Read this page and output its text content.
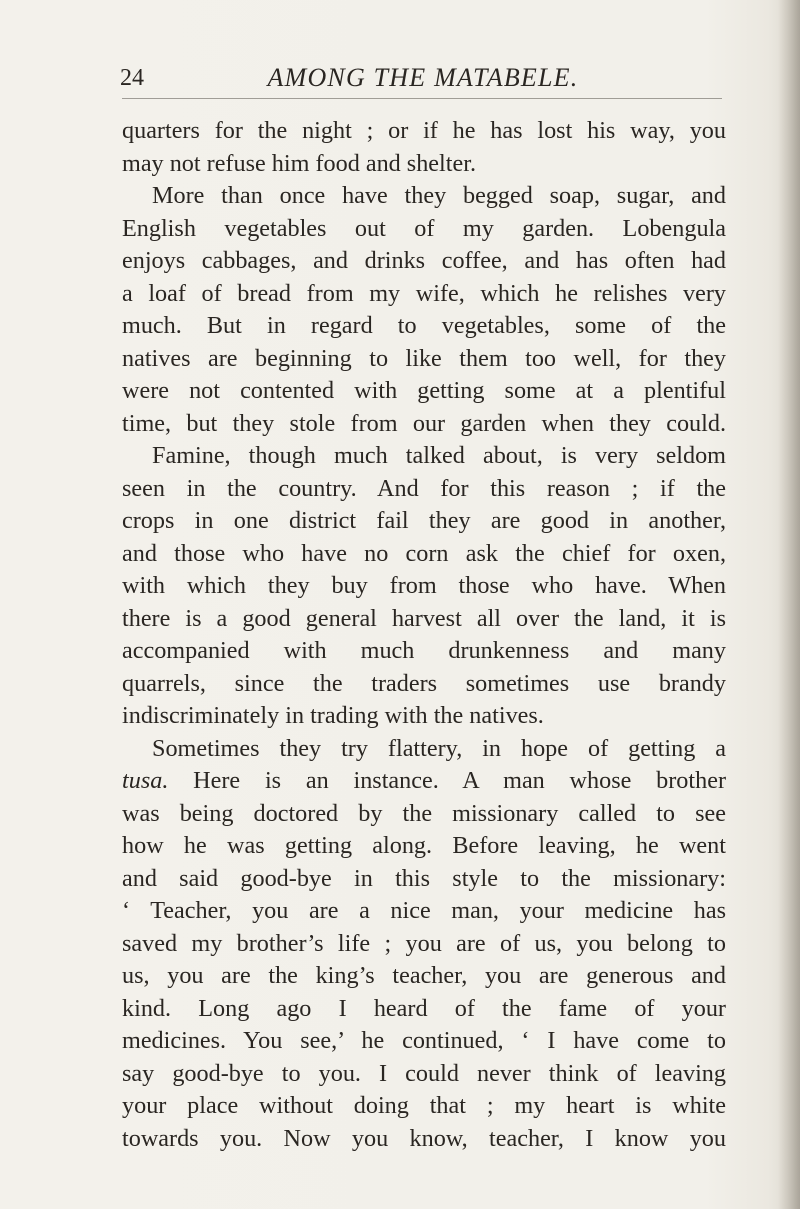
24	AMONG THE MATABELE.
quarters for the night ; or if he has lost his way, you
may not refuse him food and shelter.
More than once have they begged soap, sugar, and
English vegetables out of my garden. Lobengula
enjoys cabbages, and drinks coffee, and has often had
a loaf of bread from my wife, which he relishes very
much. But in regard to vegetables, some of the
natives are beginning to like them too well, for they
were not contented with getting some at a plentiful
time, but they stole from our garden when they could.
Famine, though much talked about, is very seldom
seen in the country. And for this reason ; if the
crops in one district fail they are good in another,
and those who have no corn ask the chief for oxen,
with which they buy from those who have. When
there is a good general harvest all over the land, it is
accompanied with much drunkenness and many
quarrels, since the traders sometimes use brandy
indiscriminately in trading with the natives.
Sometimes they try flattery, in hope of getting a
tusa. Here is an instance. A man whose brother
was being doctored by the missionary called to see
how he was getting along. Before leaving, he went
and said good-bye in this style to the missionary:
‘ Teacher, you are a nice man, your medicine has
saved my brother’s life ; you are of us, you belong to
us, you are the king’s teacher, you are generous and
kind. Long ago I heard of the fame of your
medicines. You see,’ he continued, ‘ I have come to
say good-bye to you. I could never think of leaving
your place without doing that ; my heart is white
towards you. Now you know, teacher, I know you
